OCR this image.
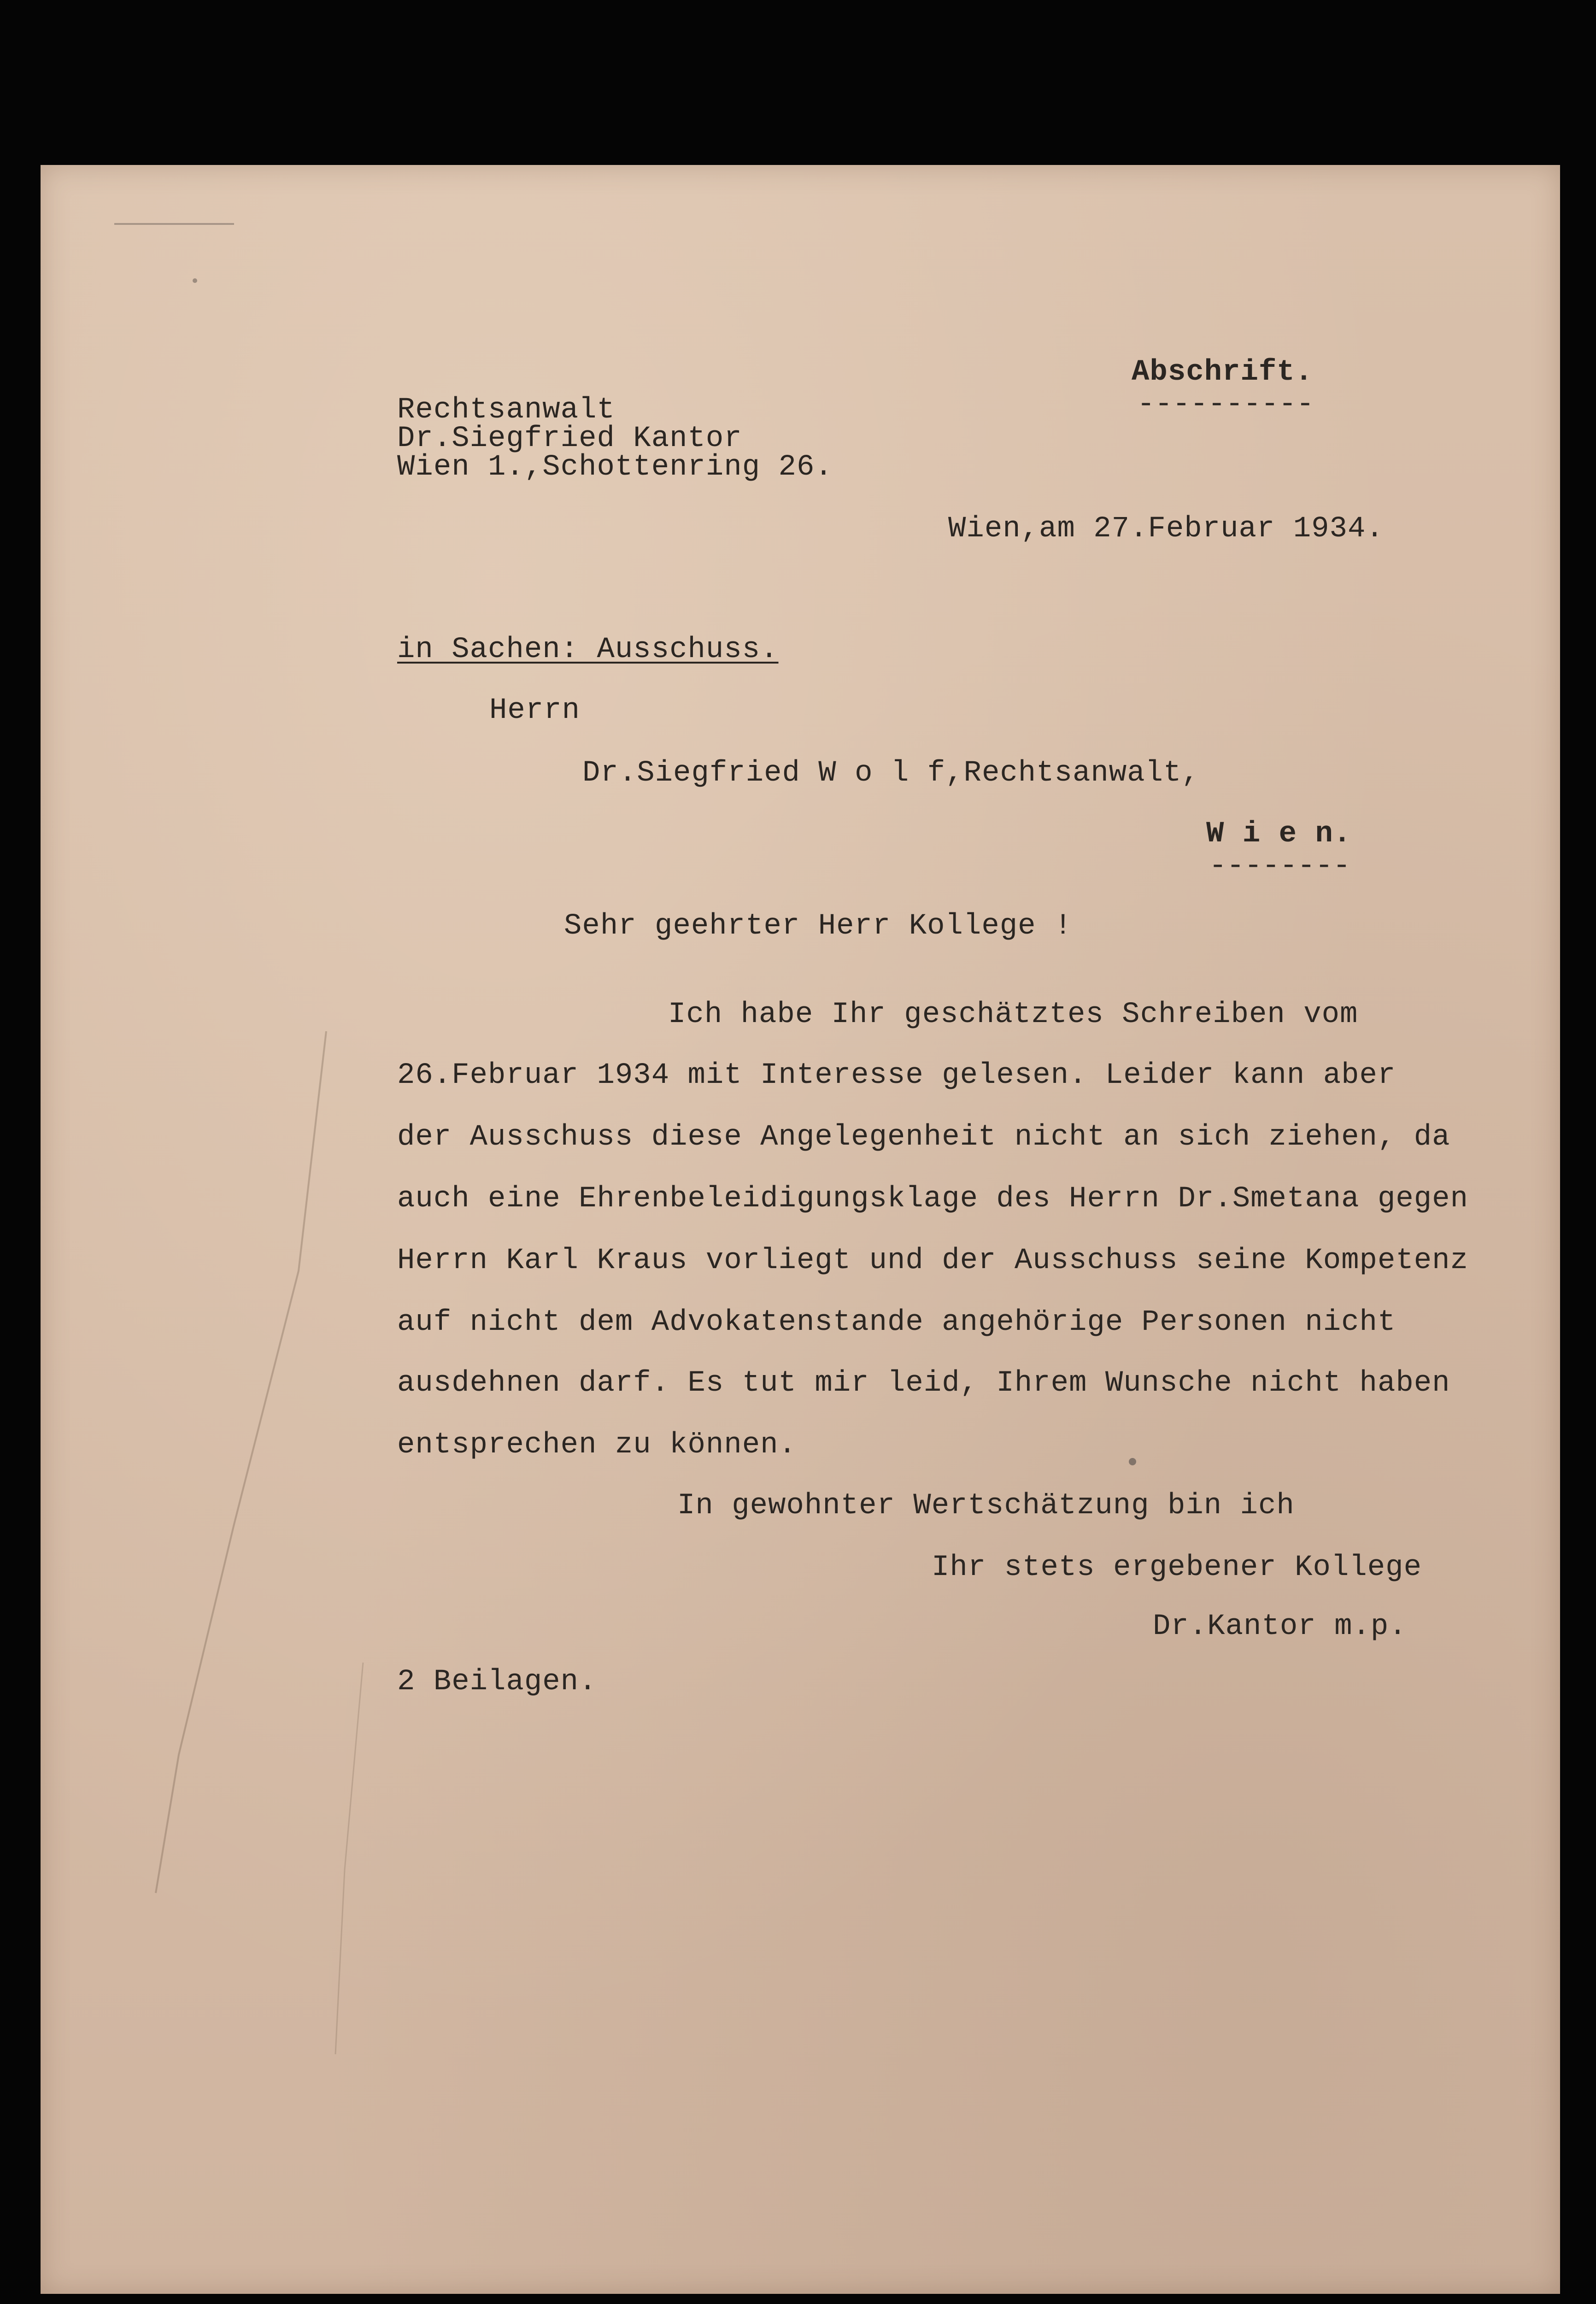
Abschrift.
----------
Rechtsanwalt
Dr.Siegfried Kantor
Wien 1.,Schottenring 26.
Wien,am 27.Februar 1934.
in Sachen: Ausschuss.
Herrn
Dr.Siegfried W o l f,Rechtsanwalt,
W i e n.
--------
Sehr geehrter Herr Kollege !
Ich habe Ihr geschätztes Schreiben vom
26.Februar 1934 mit Interesse gelesen. Leider kann aber
der Ausschuss diese Angelegenheit nicht an sich ziehen, da
auch eine Ehrenbeleidigungsklage des Herrn Dr.Smetana gegen
Herrn Karl Kraus vorliegt und der Ausschuss seine Kompetenz
auf nicht dem Advokatenstande angehörige Personen nicht
ausdehnen darf. Es tut mir leid, Ihrem Wunsche nicht haben
entsprechen zu können.
In gewohnter Wertschätzung bin ich
Ihr stets ergebener Kollege
Dr.Kantor m.p.
2 Beilagen.
